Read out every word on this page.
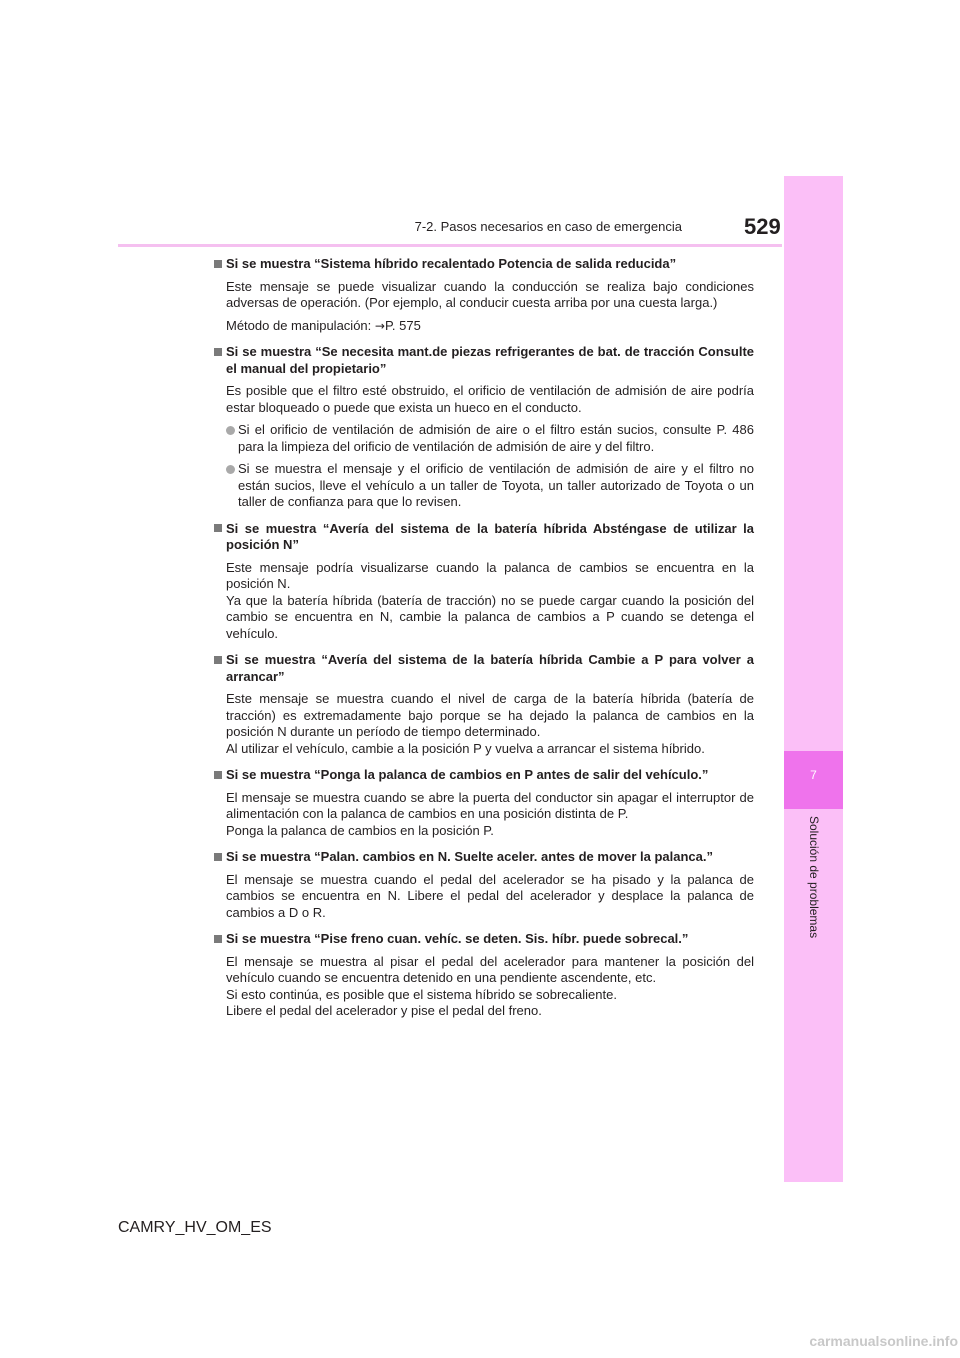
7-2. Pasos necesarios en caso de emergencia	529
7
Solución de problemas
Si se muestra “Sistema híbrido recalentado Potencia de salida reducida”
Este mensaje se puede visualizar cuando la conducción se realiza bajo condiciones adversas de operación. (Por ejemplo, al conducir cuesta arriba por una cuesta larga.)
Método de manipulación: →P. 575
Si se muestra “Se necesita mant.de piezas refrigerantes de bat. de tracción Consulte el manual del propietario”
Es posible que el filtro esté obstruido, el orificio de ventilación de admisión de aire podría estar bloqueado o puede que exista un hueco en el conducto.
Si el orificio de ventilación de admisión de aire o el filtro están sucios, consulte P. 486 para la limpieza del orificio de ventilación de admisión de aire y del filtro.
Si se muestra el mensaje y el orificio de ventilación de admisión de aire y el filtro no están sucios, lleve el vehículo a un taller de Toyota, un taller autorizado de Toyota o un taller de confianza para que lo revisen.
Si se muestra “Avería del sistema de la batería híbrida Absténgase de utilizar la posición N”
Este mensaje podría visualizarse cuando la palanca de cambios se encuentra en la posición N.
Ya que la batería híbrida (batería de tracción) no se puede cargar cuando la posición del cambio se encuentra en N, cambie la palanca de cambios a P cuando se detenga el vehículo.
Si se muestra “Avería del sistema de la batería híbrida Cambie a P para volver a arrancar”
Este mensaje se muestra cuando el nivel de carga de la batería híbrida (batería de tracción) es extremadamente bajo porque se ha dejado la palanca de cambios en la posición N durante un período de tiempo determinado.
Al utilizar el vehículo, cambie a la posición P y vuelva a arrancar el sistema híbrido.
Si se muestra “Ponga la palanca de cambios en P antes de salir del vehículo.”
El mensaje se muestra cuando se abre la puerta del conductor sin apagar el interruptor de alimentación con la palanca de cambios en una posición distinta de P.
Ponga la palanca de cambios en la posición P.
Si se muestra “Palan. cambios en N. Suelte aceler. antes de mover la palanca.”
El mensaje se muestra cuando el pedal del acelerador se ha pisado y la palanca de cambios se encuentra en N. Libere el pedal del acelerador y desplace la palanca de cambios a D o R.
Si se muestra “Pise freno cuan. vehíc. se deten. Sis. híbr. puede sobrecal.”
El mensaje se muestra al pisar el pedal del acelerador para mantener la posición del vehículo cuando se encuentra detenido en una pendiente ascendente, etc.
Si esto continúa, es posible que el sistema híbrido se sobrecaliente.
Libere el pedal del acelerador y pise el pedal del freno.
CAMRY_HV_OM_ES
carmanualsonline.info
